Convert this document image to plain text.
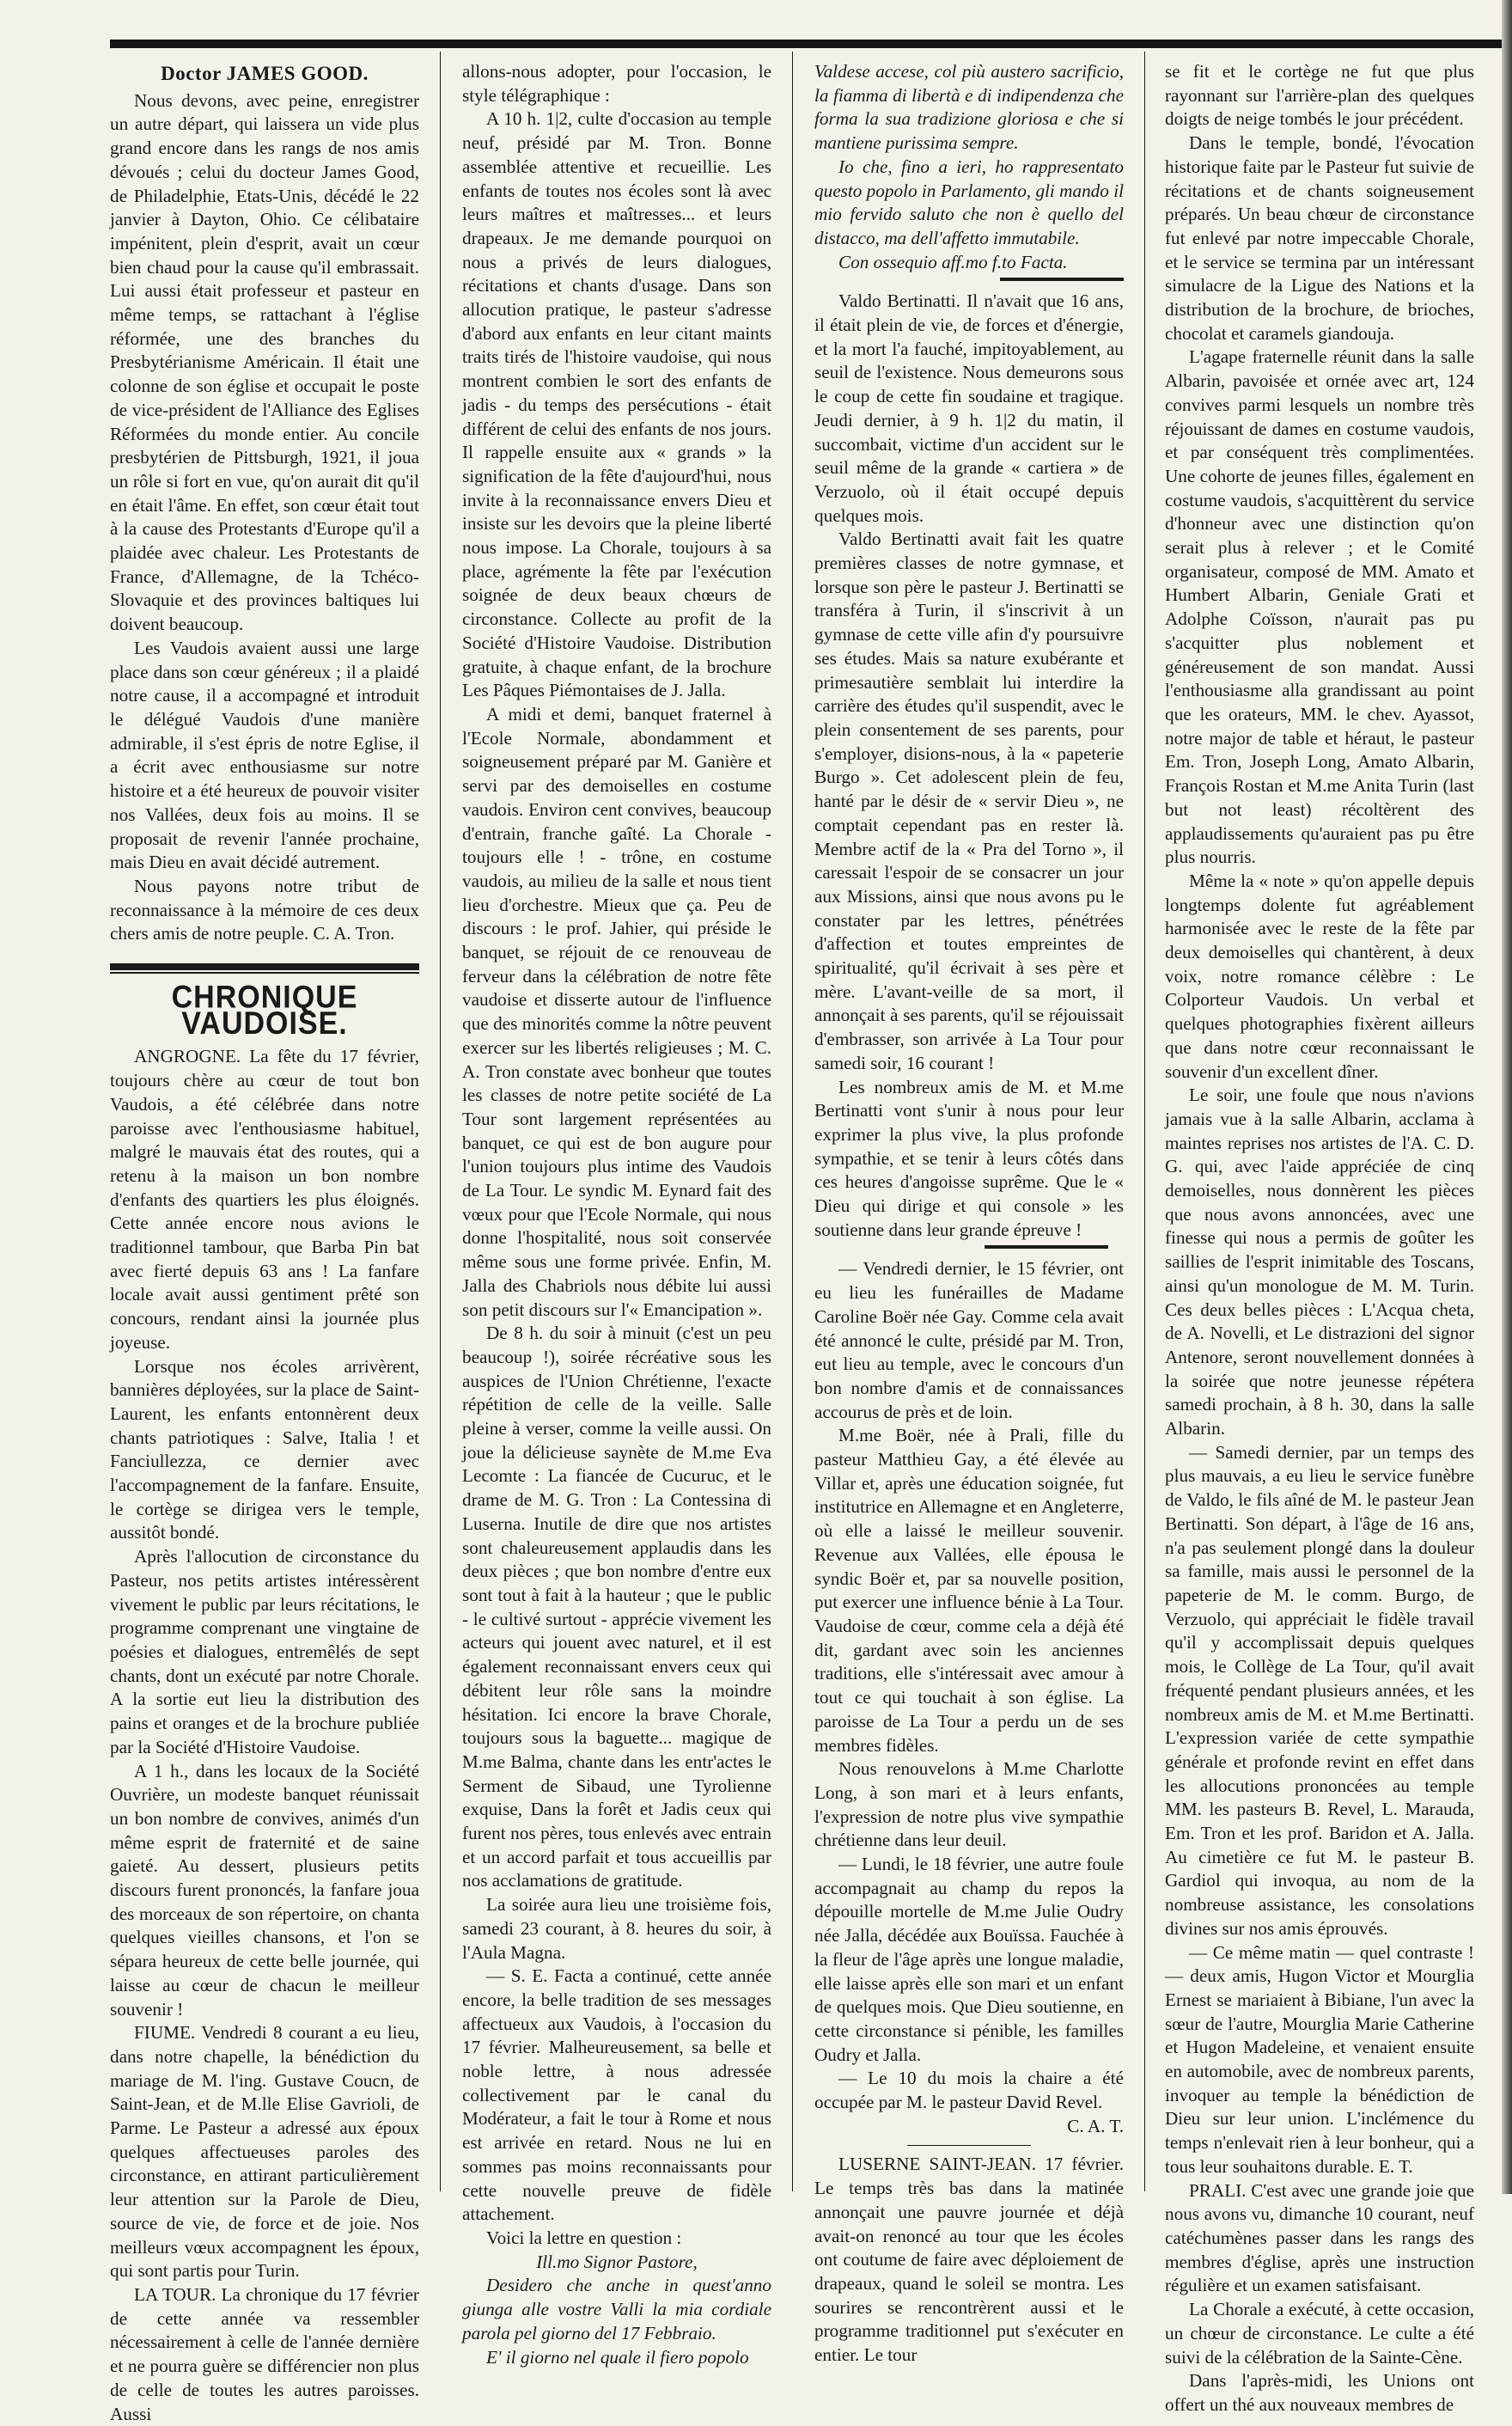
Doctor JAMES GOOD.

Nous devons, avec peine, enregistrer un autre départ, qui laissera un vide plus grand encore dans les rangs de nos amis dévoués ; celui du docteur James Good, de Philadelphie, Etats-Unis, décédé le 22 janvier à Dayton, Ohio. Ce célibataire impénitent, plein d'esprit, avait un cœur bien chaud pour la cause qu'il embrassait. Lui aussi était professeur et pasteur en même temps, se rattachant à l'église réformée, une des branches du Presbytérianisme Américain. Il était une colonne de son église et occupait le poste de vice-président de l'Alliance des Eglises Réformées du monde entier. Au concile presbytérien de Pittsburgh, 1921, il joua un rôle si fort en vue, qu'on aurait dit qu'il en était l'âme. En effet, son cœur était tout à la cause des Protestants d'Europe qu'il a plaidée avec chaleur. Les Protestants de France, d'Allemagne, de la Tchéco-Slovaquie et des provinces baltiques lui doivent beaucoup.

Les Vaudois avaient aussi une large place dans son cœur généreux ; il a plaidé notre cause, il a accompagné et introduit le délégué Vaudois d'une manière admirable, il s'est épris de notre Eglise, il a écrit avec enthousiasme sur notre histoire et a été heureux de pouvoir visiter nos Vallées, deux fois au moins. Il se proposait de revenir l'année prochaine, mais Dieu en avait décidé autrement.

Nous payons notre tribut de reconnaissance à la mémoire de ces deux chers amis de notre peuple. C. A. Tron.

CHRONIQUE VAUDOISE.

ANGROGNE. La fête du 17 février, toujours chère au cœur de tout bon Vaudois, a été célébrée dans notre paroisse avec l'enthousiasme habituel, malgré le mauvais état des routes, qui a retenu à la maison un bon nombre d'enfants des quartiers les plus éloignés. Cette année encore nous avions le traditionnel tambour, que Barba Pin bat avec fierté depuis 63 ans ! La fanfare locale avait aussi gentiment prêté son concours, rendant ainsi la journée plus joyeuse.

Lorsque nos écoles arrivèrent, bannières déployées, sur la place de Saint-Laurent, les enfants entonnèrent deux chants patriotiques : Salve, Italia ! et Fanciullezza, ce dernier avec l'accompagnement de la fanfare. Ensuite, le cortège se dirigea vers le temple, aussitôt bondé.

Après l'allocution de circonstance du Pasteur, nos petits artistes intéressèrent vivement le public par leurs récitations, le programme comprenant une vingtaine de poésies et dialogues, entremêlés de sept chants, dont un exécuté par notre Chorale. A la sortie eut lieu la distribution des pains et oranges et de la brochure publiée par la Société d'Histoire Vaudoise.

A 1 h., dans les locaux de la Société Ouvrière, un modeste banquet réunissait un bon nombre de convives, animés d'un même esprit de fraternité et de saine gaieté. Au dessert, plusieurs petits discours furent prononcés, la fanfare joua des morceaux de son répertoire, on chanta quelques vieilles chansons, et l'on se sépara heureux de cette belle journée, qui laisse au cœur de chacun le meilleur souvenir !

FIUME. Vendredi 8 courant a eu lieu, dans notre chapelle, la bénédiction du mariage de M. l'ing. Gustave Coucn, de Saint-Jean, et de M.lle Elise Gavrioli, de Parme. Le Pasteur a adressé aux époux quelques affectueuses paroles des circonstance, en attirant particulièrement leur attention sur la Parole de Dieu, source de vie, de force et de joie. Nos meilleurs vœux accompagnent les époux, qui sont partis pour Turin.

LA TOUR. La chronique du 17 février de cette année va ressembler nécessairement à celle de l'année dernière et ne pourra guère se différencier non plus de celle de toutes les autres paroisses. Aussi

allons-nous adopter, pour l'occasion, le style télégraphique :

A 10 h. 1|2, culte d'occasion au temple neuf, présidé par M. Tron. Bonne assemblée attentive et recueillie. Les enfants de toutes nos écoles sont là avec leurs maîtres et maîtresses... et leurs drapeaux. Je me demande pourquoi on nous a privés de leurs dialogues, récitations et chants d'usage. Dans son allocution pratique, le pasteur s'adresse d'abord aux enfants en leur citant maints traits tirés de l'histoire vaudoise, qui nous montrent combien le sort des enfants de jadis - du temps des persécutions - était différent de celui des enfants de nos jours. Il rappelle ensuite aux « grands » la signification de la fête d'aujourd'hui, nous invite à la reconnaissance envers Dieu et insiste sur les devoirs que la pleine liberté nous impose. La Chorale, toujours à sa place, agrémente la fête par l'exécution soignée de deux beaux chœurs de circonstance. Collecte au profit de la Société d'Histoire Vaudoise. Distribution gratuite, à chaque enfant, de la brochure Les Pâques Piémontaises de J. Jalla.

A midi et demi, banquet fraternel à l'Ecole Normale, abondamment et soigneusement préparé par M. Ganière et servi par des demoiselles en costume vaudois. Environ cent convives, beaucoup d'entrain, franche gaîté. La Chorale - toujours elle ! - trône, en costume vaudois, au milieu de la salle et nous tient lieu d'orchestre. Mieux que ça. Peu de discours : le prof. Jahier, qui préside le banquet, se réjouit de ce renouveau de ferveur dans la célébration de notre fête vaudoise et disserte autour de l'influence que des minorités comme la nôtre peuvent exercer sur les libertés religieuses ; M. C. A. Tron constate avec bonheur que toutes les classes de notre petite société de La Tour sont largement représentées au banquet, ce qui est de bon augure pour l'union toujours plus intime des Vaudois de La Tour. Le syndic M. Eynard fait des vœux pour que l'Ecole Normale, qui nous donne l'hospitalité, nous soit conservée même sous une forme privée. Enfin, M. Jalla des Chabriols nous débite lui aussi son petit discours sur l'« Emancipation ».

De 8 h. du soir à minuit (c'est un peu beaucoup !), soirée récréative sous les auspices de l'Union Chrétienne, l'exacte répétition de celle de la veille. Salle pleine à verser, comme la veille aussi. On joue la délicieuse saynète de M.me Eva Lecomte : La fiancée de Cucuruc, et le drame de M. G. Tron : La Contessina di Luserna. Inutile de dire que nos artistes sont chaleureusement applaudis dans les deux pièces ; que bon nombre d'entre eux sont tout à fait à la hauteur ; que le public - le cultivé surtout - apprécie vivement les acteurs qui jouent avec naturel, et il est également reconnaissant envers ceux qui débitent leur rôle sans la moindre hésitation. Ici encore la brave Chorale, toujours sous la baguette... magique de M.me Balma, chante dans les entr'actes le Serment de Sibaud, une Tyrolienne exquise, Dans la forêt et Jadis ceux qui furent nos pères, tous enlevés avec entrain et un accord parfait et tous accueillis par nos acclamations de gratitude.

La soirée aura lieu une troisième fois, samedi 23 courant, à 8. heures du soir, à l'Aula Magna.

— S. E. Facta a continué, cette année encore, la belle tradition de ses messages affectueux aux Vaudois, à l'occasion du 17 février. Malheureusement, sa belle et noble lettre, à nous adressée collectivement par le canal du Modérateur, a fait le tour à Rome et nous est arrivée en retard. Nous ne lui en sommes pas moins reconnaissants pour cette nouvelle preuve de fidèle attachement.

Voici la lettre en question :

Ill.mo Signor Pastore,

Desidero che anche in quest'anno giunga alle vostre Valli la mia cordiale parola pel giorno del 17 Febbraio.

E' il giorno nel quale il fiero popolo

Valdese accese, col più austero sacrificio, la fiamma di libertà e di indipendenza che forma la sua tradizione gloriosa e che si mantiene purissima sempre.

Io che, fino a ieri, ho rappresentato questo popolo in Parlamento, gli mando il mio fervido saluto che non è quello del distacco, ma dell'affetto immutabile.

Con ossequio aff.mo f.to Facta.

Valdo Bertinatti. Il n'avait que 16 ans, il était plein de vie, de forces et d'énergie, et la mort l'a fauché, impitoyablement, au seuil de l'existence. Nous demeurons sous le coup de cette fin soudaine et tragique. Jeudi dernier, à 9 h. 1|2 du matin, il succombait, victime d'un accident sur le seuil même de la grande « cartiera » de Verzuolo, où il était occupé depuis quelques mois.

Valdo Bertinatti avait fait les quatre premières classes de notre gymnase, et lorsque son père le pasteur J. Bertinatti se transféra à Turin, il s'inscrivit à un gymnase de cette ville afin d'y poursuivre ses études. Mais sa nature exubérante et primesautière semblait lui interdire la carrière des études qu'il suspendit, avec le plein consentement de ses parents, pour s'employer, disions-nous, à la « papeterie Burgo ». Cet adolescent plein de feu, hanté par le désir de « servir Dieu », ne comptait cependant pas en rester là. Membre actif de la « Pra del Torno », il caressait l'espoir de se consacrer un jour aux Missions, ainsi que nous avons pu le constater par les lettres, pénétrées d'affection et toutes empreintes de spiritualité, qu'il écrivait à ses père et mère. L'avant-veille de sa mort, il annonçait à ses parents, qu'il se réjouissait d'embrasser, son arrivée à La Tour pour samedi soir, 16 courant !

Les nombreux amis de M. et M.me Bertinatti vont s'unir à nous pour leur exprimer la plus vive, la plus profonde sympathie, et se tenir à leurs côtés dans ces heures d'angoisse suprême. Que le « Dieu qui dirige et qui console » les soutienne dans leur grande épreuve !

— Vendredi dernier, le 15 février, ont eu lieu les funérailles de Madame Caroline Boër née Gay. Comme cela avait été annoncé le culte, présidé par M. Tron, eut lieu au temple, avec le concours d'un bon nombre d'amis et de connaissances accourus de près et de loin.

M.me Boër, née à Prali, fille du pasteur Matthieu Gay, a été élevée au Villar et, après une éducation soignée, fut institutrice en Allemagne et en Angleterre, où elle a laissé le meilleur souvenir. Revenue aux Vallées, elle épousa le syndic Boër et, par sa nouvelle position, put exercer une influence bénie à La Tour. Vaudoise de cœur, comme cela a déjà été dit, gardant avec soin les anciennes traditions, elle s'intéressait avec amour à tout ce qui touchait à son église. La paroisse de La Tour a perdu un de ses membres fidèles.

Nous renouvelons à M.me Charlotte Long, à son mari et à leurs enfants, l'expression de notre plus vive sympathie chrétienne dans leur deuil.

— Lundi, le 18 février, une autre foule accompagnait au champ du repos la dépouille mortelle de M.me Julie Oudry née Jalla, décédée aux Bouïssa. Fauchée à la fleur de l'âge après une longue maladie, elle laisse après elle son mari et un enfant de quelques mois. Que Dieu soutienne, en cette circonstance si pénible, les familles Oudry et Jalla.

— Le 10 du mois la chaire a été occupée par M. le pasteur David Revel.

C. A. T.

LUSERNE SAINT-JEAN. 17 février. Le temps très bas dans la matinée annonçait une pauvre journée et déjà avait-on renoncé au tour que les écoles ont coutume de faire avec déploiement de drapeaux, quand le soleil se montra. Les sourires se rencontrèrent aussi et le programme traditionnel put s'exécuter en entier. Le tour

se fit et le cortège ne fut que plus rayonnant sur l'arrière-plan des quelques doigts de neige tombés le jour précédent.

Dans le temple, bondé, l'évocation historique faite par le Pasteur fut suivie de récitations et de chants soigneusement préparés. Un beau chœur de circonstance fut enlevé par notre impeccable Chorale, et le service se termina par un intéressant simulacre de la Ligue des Nations et la distribution de la brochure, de brioches, chocolat et caramels giandouja.

L'agape fraternelle réunit dans la salle Albarin, pavoisée et ornée avec art, 124 convives parmi lesquels un nombre très réjouissant de dames en costume vaudois, et par conséquent très complimentées. Une cohorte de jeunes filles, également en costume vaudois, s'acquittèrent du service d'honneur avec une distinction qu'on serait plus à relever ; et le Comité organisateur, composé de MM. Amato et Humbert Albarin, Geniale Grati et Adolphe Coïsson, n'aurait pas pu s'acquitter plus noblement et généreusement de son mandat. Aussi l'enthousiasme alla grandissant au point que les orateurs, MM. le chev. Ayassot, notre major de table et héraut, le pasteur Em. Tron, Joseph Long, Amato Albarin, François Rostan et M.me Anita Turin (last but not least) récoltèrent des applaudissements qu'auraient pas pu être plus nourris.

Même la « note » qu'on appelle depuis longtemps dolente fut agréablement harmonisée avec le reste de la fête par deux demoiselles qui chantèrent, à deux voix, notre romance célèbre : Le Colporteur Vaudois. Un verbal et quelques photographies fixèrent ailleurs que dans notre cœur reconnaissant le souvenir d'un excellent dîner.

Le soir, une foule que nous n'avions jamais vue à la salle Albarin, acclama à maintes reprises nos artistes de l'A. C. D. G. qui, avec l'aide appréciée de cinq demoiselles, nous donnèrent les pièces que nous avons annoncées, avec une finesse qui nous a permis de goûter les saillies de l'esprit inimitable des Toscans, ainsi qu'un monologue de M. M. Turin. Ces deux belles pièces : L'Acqua cheta, de A. Novelli, et Le distrazioni del signor Antenore, seront nouvellement données à la soirée que notre jeunesse répétera samedi prochain, à 8 h. 30, dans la salle Albarin.

— Samedi dernier, par un temps des plus mauvais, a eu lieu le service funèbre de Valdo, le fils aîné de M. le pasteur Jean Bertinatti. Son départ, à l'âge de 16 ans, n'a pas seulement plongé dans la douleur sa famille, mais aussi le personnel de la papeterie de M. le comm. Burgo, de Verzuolo, qui appréciait le fidèle travail qu'il y accomplissait depuis quelques mois, le Collège de La Tour, qu'il avait fréquenté pendant plusieurs années, et les nombreux amis de M. et M.me Bertinatti. L'expression variée de cette sympathie générale et profonde revint en effet dans les allocutions prononcées au temple MM. les pasteurs B. Revel, L. Marauda, Em. Tron et les prof. Baridon et A. Jalla. Au cimetière ce fut M. le pasteur B. Gardiol qui invoqua, au nom de la nombreuse assistance, les consolations divines sur nos amis éprouvés.

— Ce même matin — quel contraste ! — deux amis, Hugon Victor et Mourglia Ernest se mariaient à Bibiane, l'un avec la sœur de l'autre, Mourglia Marie Catherine et Hugon Madeleine, et venaient ensuite en automobile, avec de nombreux parents, invoquer au temple la bénédiction de Dieu sur leur union. L'inclémence du temps n'enlevait rien à leur bonheur, qui a tous leur souhaitons durable. E. T.

PRALI. C'est avec une grande joie que nous avons vu, dimanche 10 courant, neuf catéchumènes passer dans les rangs des membres d'église, après une instruction régulière et un examen satisfaisant.

La Chorale a exécuté, à cette occasion, un chœur de circonstance. Le culte a été suivi de la célébration de la Sainte-Cène.

Dans l'après-midi, les Unions ont offert un thé aux nouveaux membres de
